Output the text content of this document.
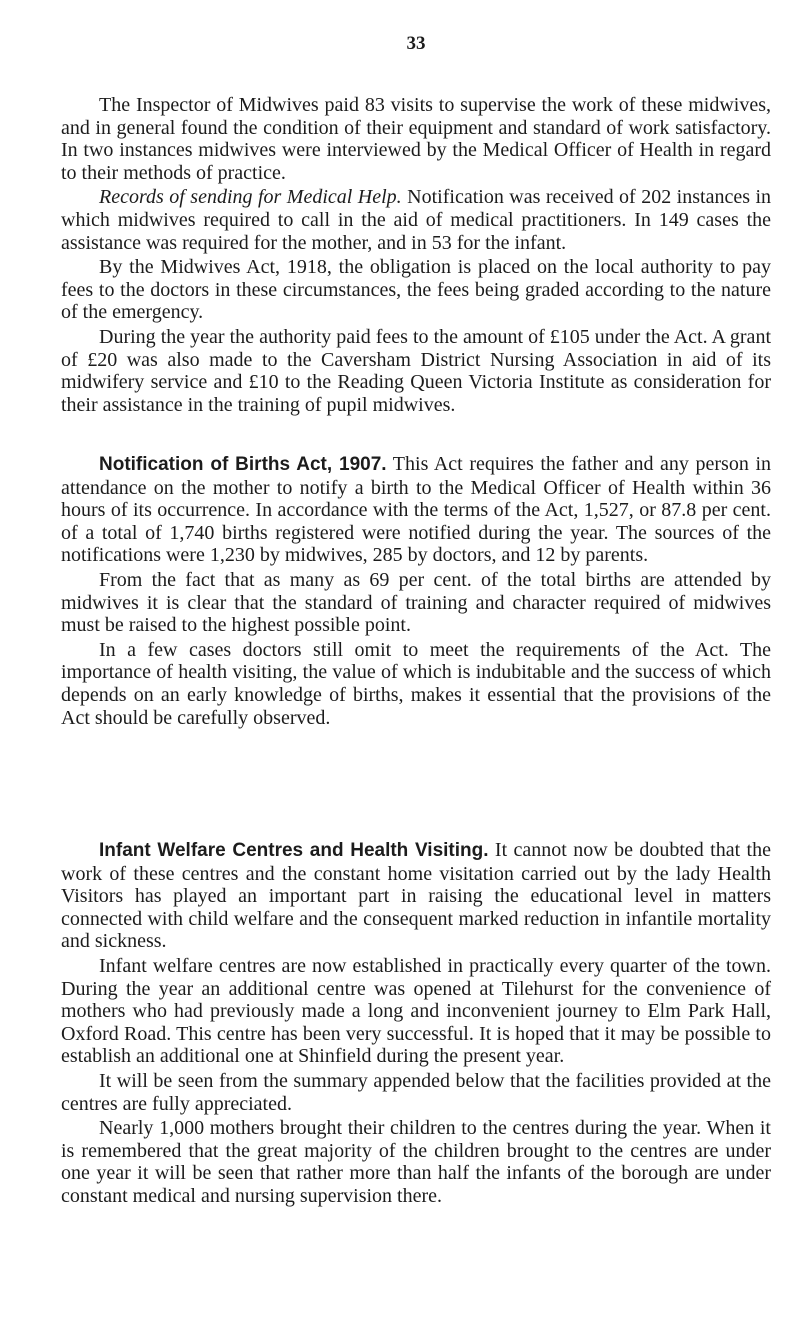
33

The Inspector of Midwives paid 83 visits to supervise the work of these midwives, and in general found the condition of their equipment and standard of work satisfactory. In two instances midwives were interviewed by the Medical Officer of Health in regard to their methods of practice.

Records of sending for Medical Help. Notification was received of 202 instances in which midwives required to call in the aid of medical practitioners. In 149 cases the assistance was required for the mother, and in 53 for the infant.

By the Midwives Act, 1918, the obligation is placed on the local authority to pay fees to the doctors in these circumstances, the fees being graded according to the nature of the emergency.

During the year the authority paid fees to the amount of £105 under the Act. A grant of £20 was also made to the Caversham District Nursing Association in aid of its midwifery service and £10 to the Reading Queen Victoria Institute as consideration for their assistance in the training of pupil midwives.

Notification of Births Act, 1907. This Act requires the father and any person in attendance on the mother to notify a birth to the Medical Officer of Health within 36 hours of its occurrence. In accordance with the terms of the Act, 1,527, or 87.8 per cent. of a total of 1,740 births registered were notified during the year. The sources of the notifications were 1,230 by midwives, 285 by doctors, and 12 by parents.

From the fact that as many as 69 per cent. of the total births are attended by midwives it is clear that the standard of training and character required of midwives must be raised to the highest possible point.

In a few cases doctors still omit to meet the requirements of the Act. The importance of health visiting, the value of which is indubitable and the success of which depends on an early knowledge of births, makes it essential that the provisions of the Act should be carefully observed.

Infant Welfare Centres and Health Visiting. It cannot now be doubted that the work of these centres and the constant home visitation carried out by the lady Health Visitors has played an important part in raising the educational level in matters connected with child welfare and the consequent marked reduction in infantile mortality and sickness.

Infant welfare centres are now established in practically every quarter of the town. During the year an additional centre was opened at Tilehurst for the convenience of mothers who had previously made a long and inconvenient journey to Elm Park Hall, Oxford Road. This centre has been very successful. It is hoped that it may be possible to establish an additional one at Shinfield during the present year.

It will be seen from the summary appended below that the facilities provided at the centres are fully appreciated.

Nearly 1,000 mothers brought their children to the centres during the year. When it is remembered that the great majority of the children brought to the centres are under one year it will be seen that rather more than half the infants of the borough are under constant medical and nursing supervision there.
